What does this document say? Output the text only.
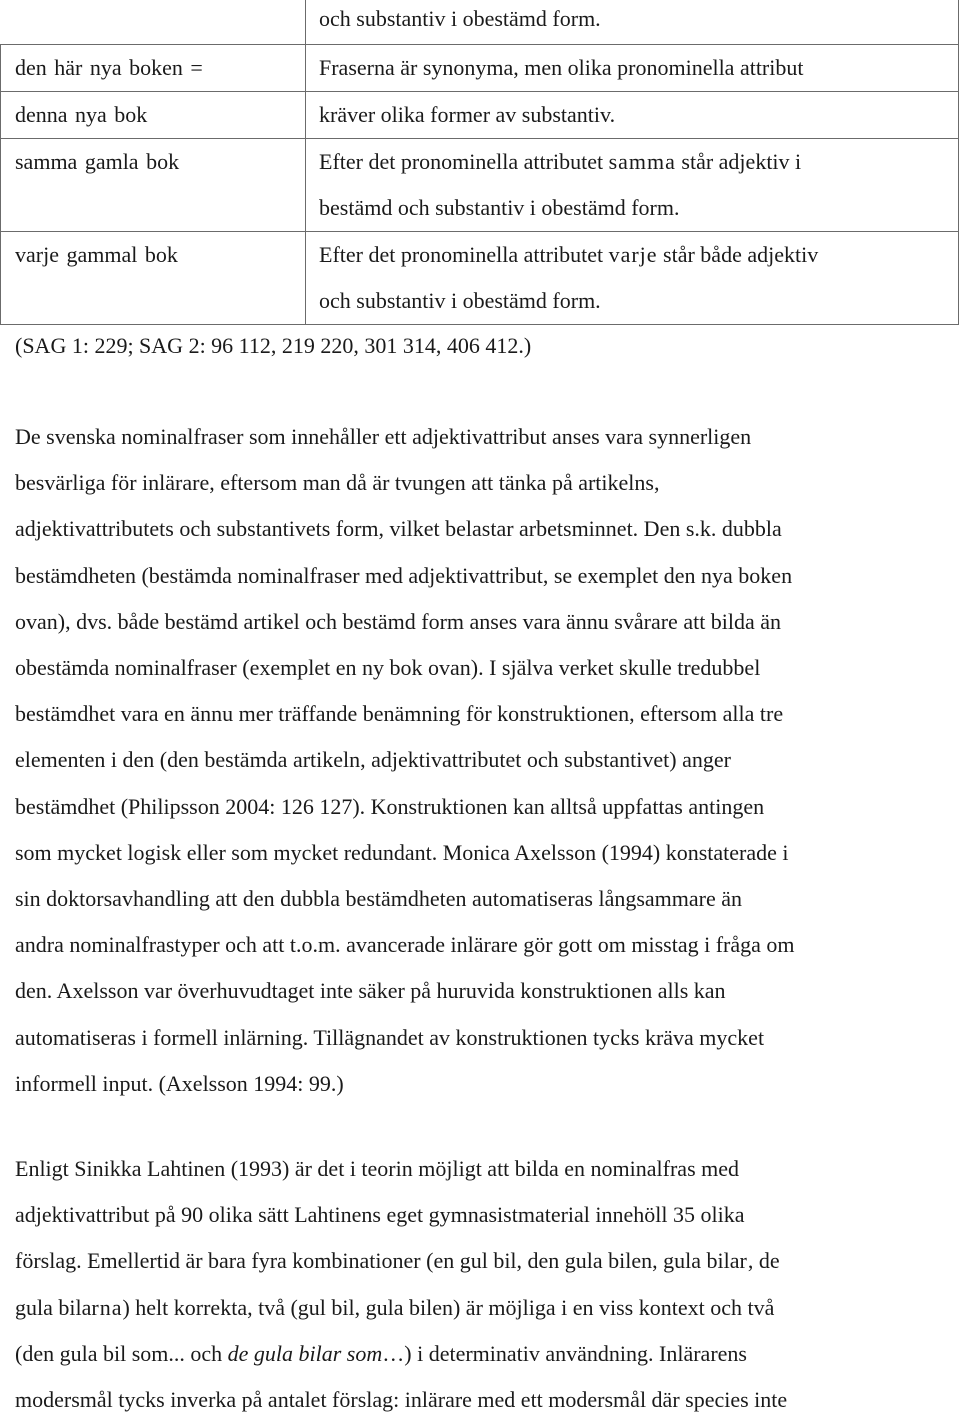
	och substantiv i obestämd form.

den här nya boken =	Fraserna är synonyma, men olika pronominella attribut

denna nya bok	kräver olika former av substantiv.

samma gamla bok	Efter det pronominella attributet samma står adjektiv i
bestämd och substantiv i obestämd form.

varje gammal bok	Efter det pronominella attributet varje står både adjektiv
och substantiv i obestämd form.
(SAG 1: 229; SAG 2: 96 112, 219 220, 301 314, 406 412.)
De svenska nominalfraser som innehåller ett adjektivattribut anses vara synnerligen
besvärliga för inlärare, eftersom man då är tvungen att tänka på artikelns,
adjektivattributets och substantivets form, vilket belastar arbetsminnet. Den s.k. dubbla
bestämdheten (bestämda nominalfraser med adjektivattribut, se exemplet den nya boken
ovan), dvs. både bestämd artikel och bestämd form anses vara ännu svårare att bilda än
obestämda nominalfraser (exemplet en ny bok ovan). I själva verket skulle tredubbel
bestämdhet vara en ännu mer träffande benämning för konstruktionen, eftersom alla tre
elementen i den (den bestämda artikeln, adjektivattributet och substantivet) anger
bestämdhet (Philipsson 2004: 126 127). Konstruktionen kan alltså uppfattas antingen
som mycket logisk eller som mycket redundant. Monica Axelsson (1994) konstaterade i
sin doktorsavhandling att den dubbla bestämdheten automatiseras långsammare än
andra nominalfrastyper och att t.o.m. avancerade inlärare gör gott om misstag i fråga om
den. Axelsson var överhuvudtaget inte säker på huruvida konstruktionen alls kan
automatiseras i formell inlärning. Tillägnandet av konstruktionen tycks kräva mycket
informell input. (Axelsson 1994: 99.)
Enligt Sinikka Lahtinen (1993) är det i teorin möjligt att bilda en nominalfras med
adjektivattribut på 90 olika sätt Lahtinens eget gymnasistmaterial innehöll 35 olika
förslag. Emellertid är bara fyra kombinationer (en gul bil, den gula bilen, gula bilar, de
gula bilarna) helt korrekta, två (gul bil, gula bilen) är möjliga i en viss kontext och två
(den gula bil som... och de gula bilar som…) i determinativ användning. Inlärarens
modersmål tycks inverka på antalet förslag: inlärare med ett modersmål där species inte
